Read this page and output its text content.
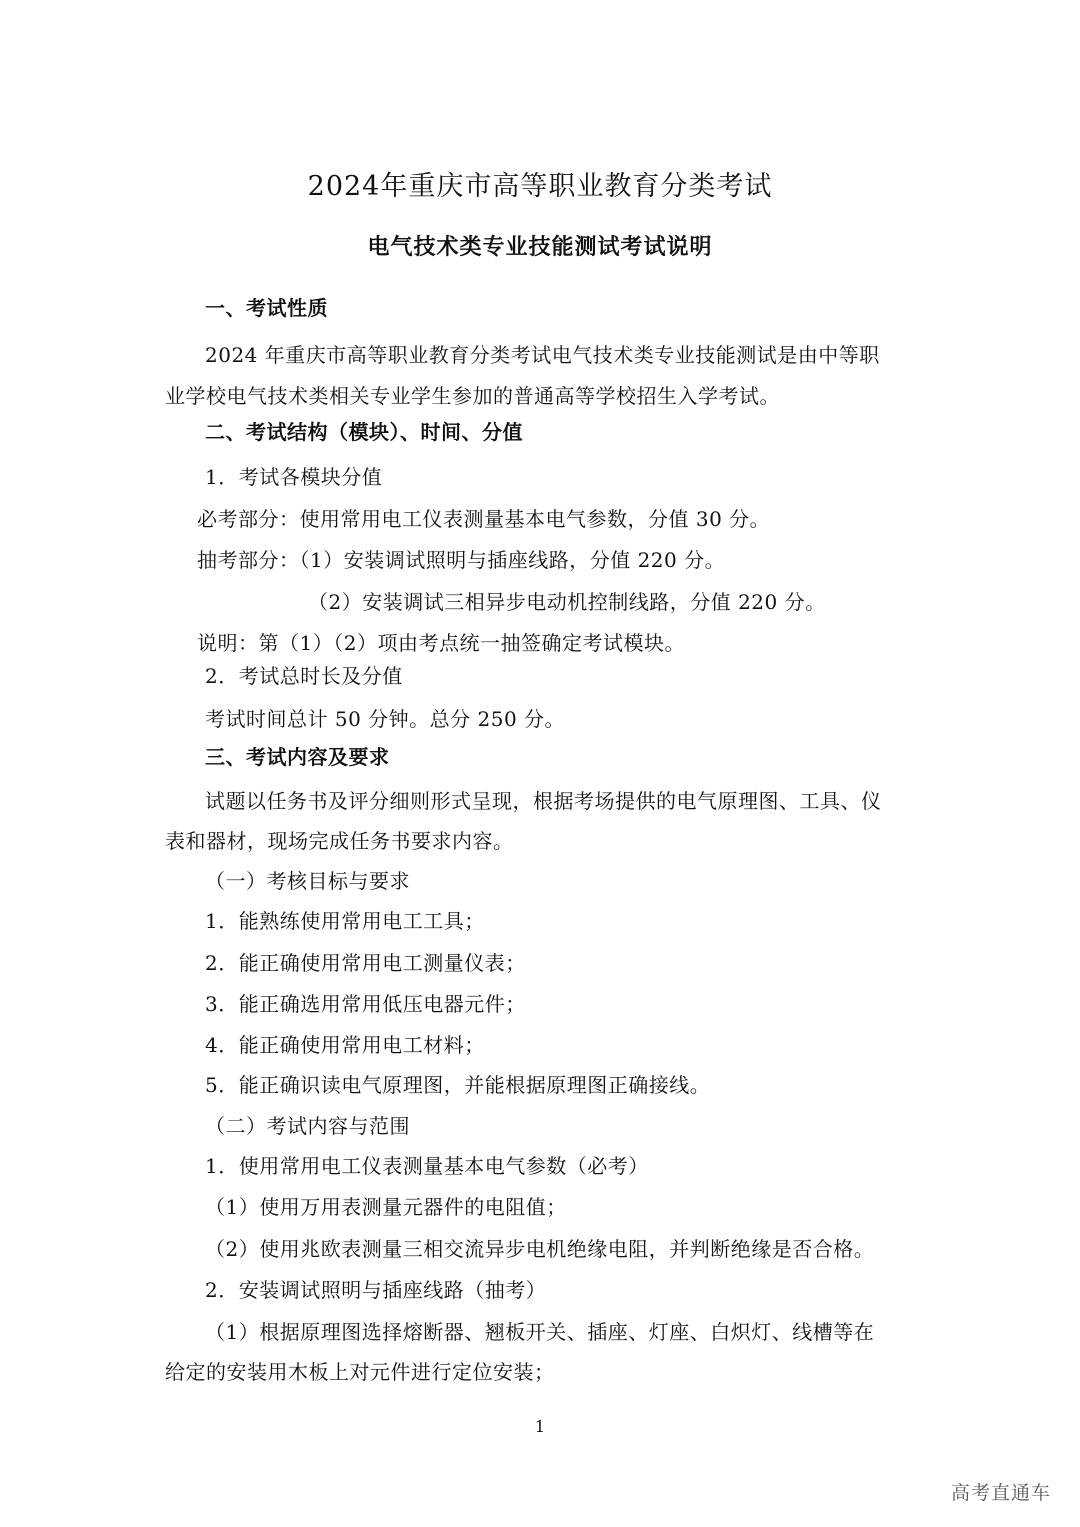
2024年重庆市高等职业教育分类考试
电气技术类专业技能测试考试说明
一、考试性质
2024 年重庆市高等职业教育分类考试电气技术类专业技能测试是由中等职
业学校电气技术类相关专业学生参加的普通高等学校招生入学考试。
二、考试结构（模块）、时间、分值
1．考试各模块分值
必考部分：使用常用电工仪表测量基本电气参数，分值 30 分。
抽考部分：（1）安装调试照明与插座线路，分值 220 分。
（2）安装调试三相异步电动机控制线路，分值 220 分。
说明：第（1）（2）项由考点统一抽签确定考试模块。
2．考试总时长及分值
考试时间总计 50 分钟。总分 250 分。
三、考试内容及要求
试题以任务书及评分细则形式呈现，根据考场提供的电气原理图、工具、仪
表和器材，现场完成任务书要求内容。
（一）考核目标与要求
1．能熟练使用常用电工工具；
2．能正确使用常用电工测量仪表；
3．能正确选用常用低压电器元件；
4．能正确使用常用电工材料；
5．能正确识读电气原理图，并能根据原理图正确接线。
（二）考试内容与范围
1．使用常用电工仪表测量基本电气参数（必考）
（1）使用万用表测量元器件的电阻值；
（2）使用兆欧表测量三相交流异步电机绝缘电阻，并判断绝缘是否合格。
2．安装调试照明与插座线路（抽考）
（1）根据原理图选择熔断器、翘板开关、插座、灯座、白炽灯、线槽等在
给定的安装用木板上对元件进行定位安装；
1
高考直通车
